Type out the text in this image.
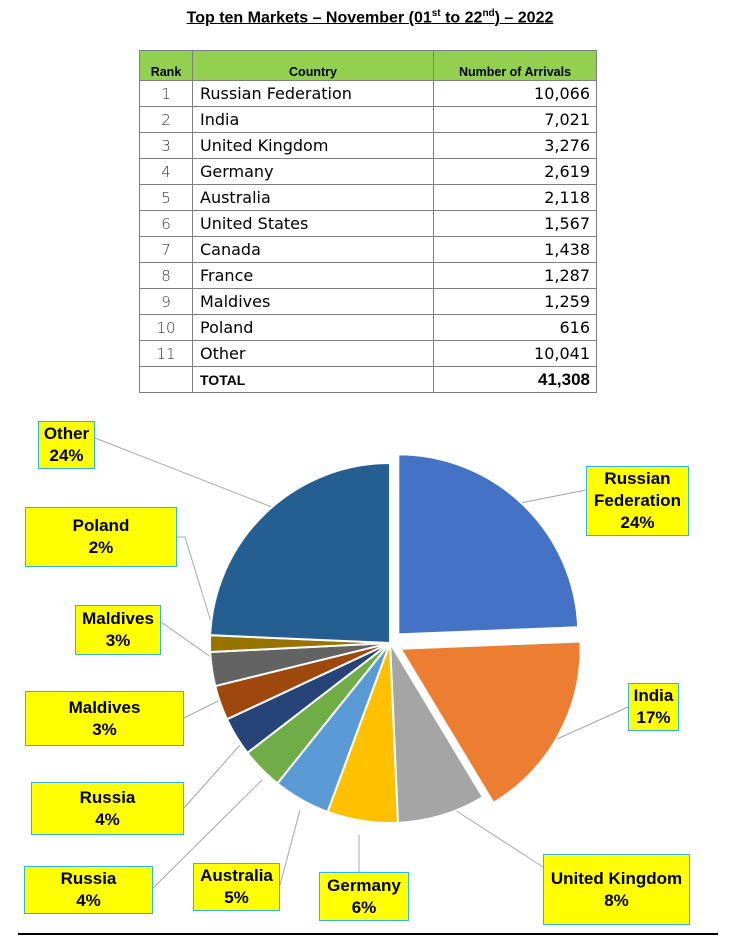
Top ten Markets – November (01st to 22nd) – 2022
Rank	Country	Number of Arrivals
1	Russian Federation	10,066
2	India	7,021
3	United Kingdom	3,276
4	Germany	2,619
5	Australia	2,118
6	United States	1,567
7	Canada	1,438
8	France	1,287
9	Maldives	1,259
10	Poland	616
11	Other	10,041
	TOTAL	41,308
Other
24%
Russian Federation
24%
Poland
2%
Maldives
3%
Maldives
3%
India
17%
Russia
4%
Russia
4%
Australia
5%
Germany
6%
United Kingdom
8%
